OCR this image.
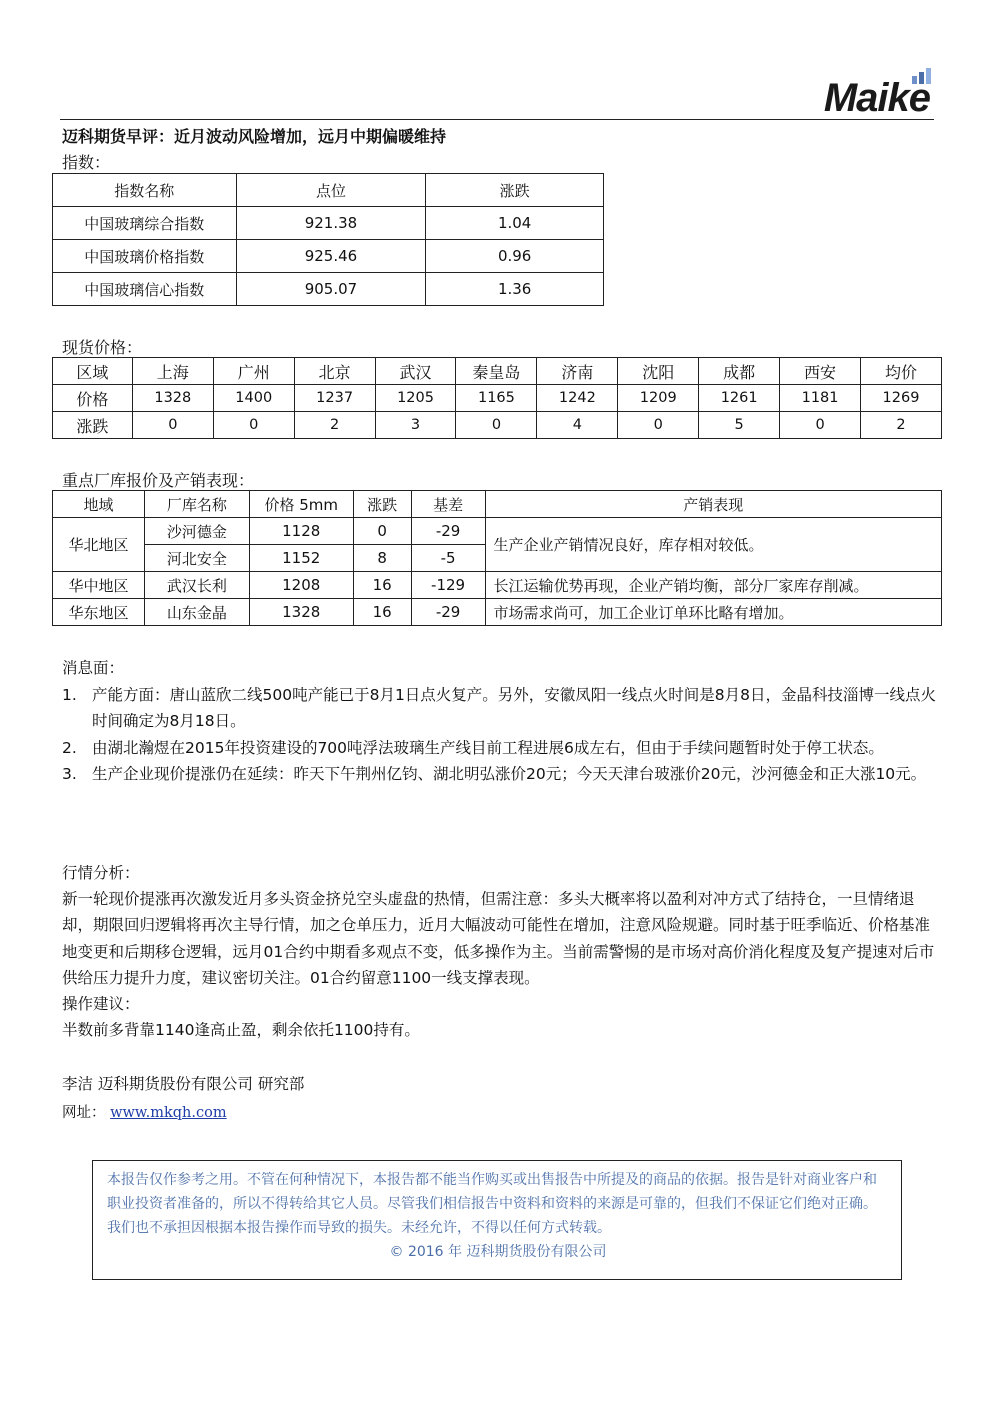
Maike
迈科期货早评：近月波动风险增加，远月中期偏暖维持
指数：
指数名称	点位	涨跌
中国玻璃综合指数	921.38	1.04
中国玻璃价格指数	925.46	0.96
中国玻璃信心指数	905.07	1.36
现货价格：
区域	上海	广州	北京	武汉	秦皇岛	济南	沈阳	成都	西安	均价
价格	1328	1400	1237	1205	1165	1242	1209	1261	1181	1269
涨跌	0	0	2	3	0	4	0	5	0	2
重点厂库报价及产销表现：
地域	厂库名称	价格 5mm	涨跌	基差	产销表现
华北地区	沙河德金	1128	0	-29	生产企业产销情况良好，库存相对较低。
	河北安全	1152	8	-5	
华中地区	武汉长利	1208	16	-129	长江运输优势再现，企业产销均衡，部分厂家库存削减。
华东地区	山东金晶	1328	16	-29	市场需求尚可，加工企业订单环比略有增加。
消息面：
1. 产能方面：唐山蓝欣二线500吨产能已于8月1日点火复产。另外，安徽凤阳一线点火时间是8月8日，金晶科技淄博一线点火时间确定为8月18日。
2. 由湖北瀚煜在2015年投资建设的700吨浮法玻璃生产线目前工程进展6成左右，但由于手续问题暂时处于停工状态。
3. 生产企业现价提涨仍在延续：昨天下午荆州亿钧、湖北明弘涨价20元；今天天津台玻涨价20元，沙河德金和正大涨10元。

行情分析：

新一轮现价提涨再次激发近月多头资金挤兑空头虚盘的热情，但需注意：多头大概率将以盈利对冲方式了结持仓，一旦情绪退却，期限回归逻辑将再次主导行情，加之仓单压力，近月大幅波动可能性在增加，注意风险规避。同时基于旺季临近、价格基准地变更和后期移仓逻辑，远月01合约中期看多观点不变，低多操作为主。当前需警惕的是市场对高价消化程度及复产提速对后市供给压力提升力度，建议密切关注。01合约留意1100一线支撑表现。

操作建议：

半数前多背靠1140逢高止盈，剩余依托1100持有。

李洁 迈科期货股份有限公司 研究部
网址： www.mkqh.com
本报告仅作参考之用。不管在何种情况下，本报告都不能当作购买或出售报告中所提及的商品的依据。报告是针对商业客户和职业投资者准备的，所以不得转给其它人员。尽管我们相信报告中资料和资料的来源是可靠的，但我们不保证它们绝对正确。我们也不承担因根据本报告操作而导致的损失。未经允许，不得以任何方式转载。
© 2016 年 迈科期货股份有限公司
